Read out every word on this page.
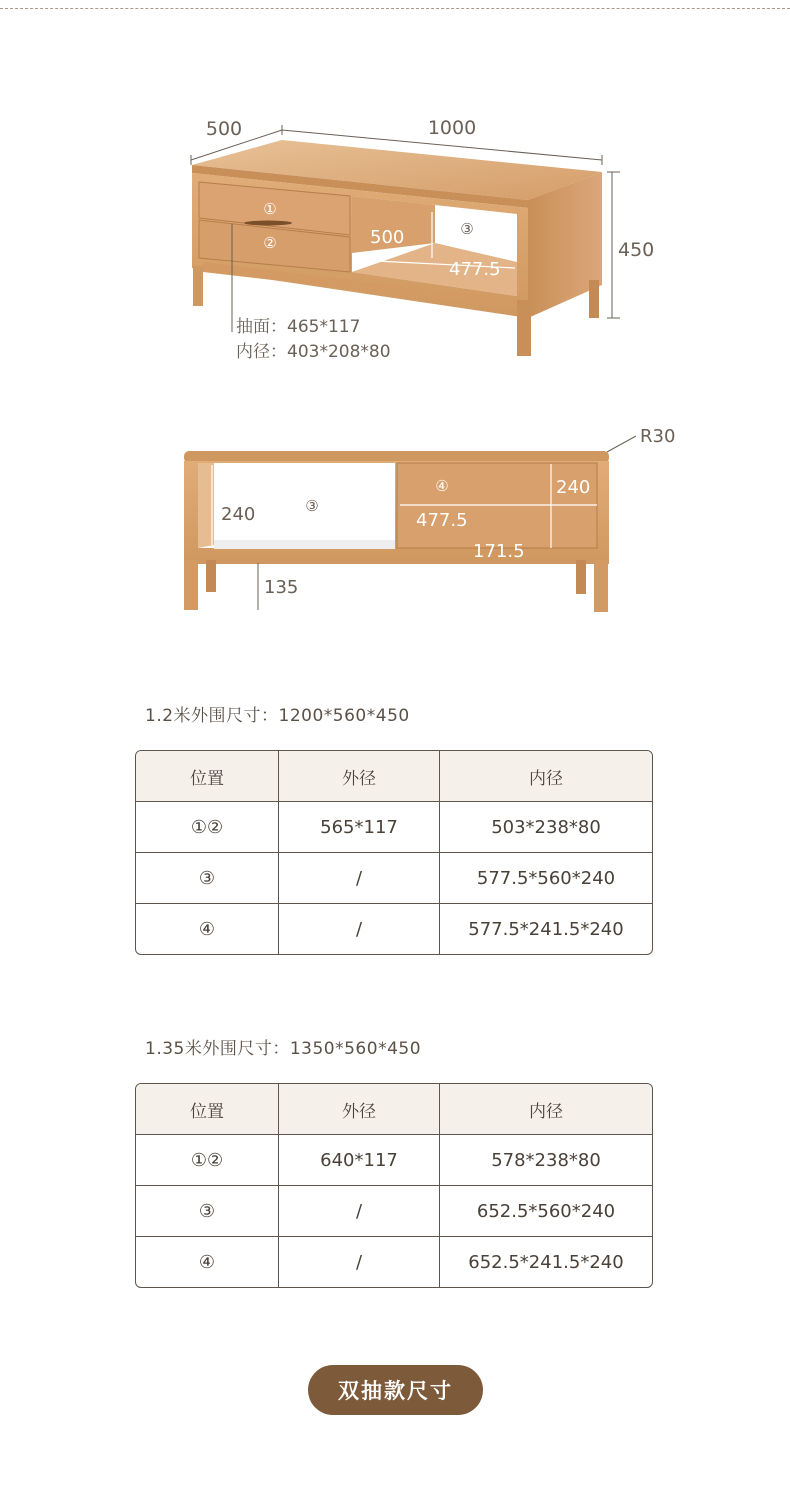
500	1000
450
①
②	500	③
477.5
抽面：465*117
内径：403*208*80
R30
240	③
④	240
477.5
171.5
135
1.2米外围尺寸：1200*560*450
位置	外径	内径
①②	565*117	503*238*80
③	/	577.5*560*240
④	/	577.5*241.5*240
1.35米外围尺寸：1350*560*450
位置	外径	内径
①②	640*117	578*238*80
③	/	652.5*560*240
④	/	652.5*241.5*240
双抽款尺寸
